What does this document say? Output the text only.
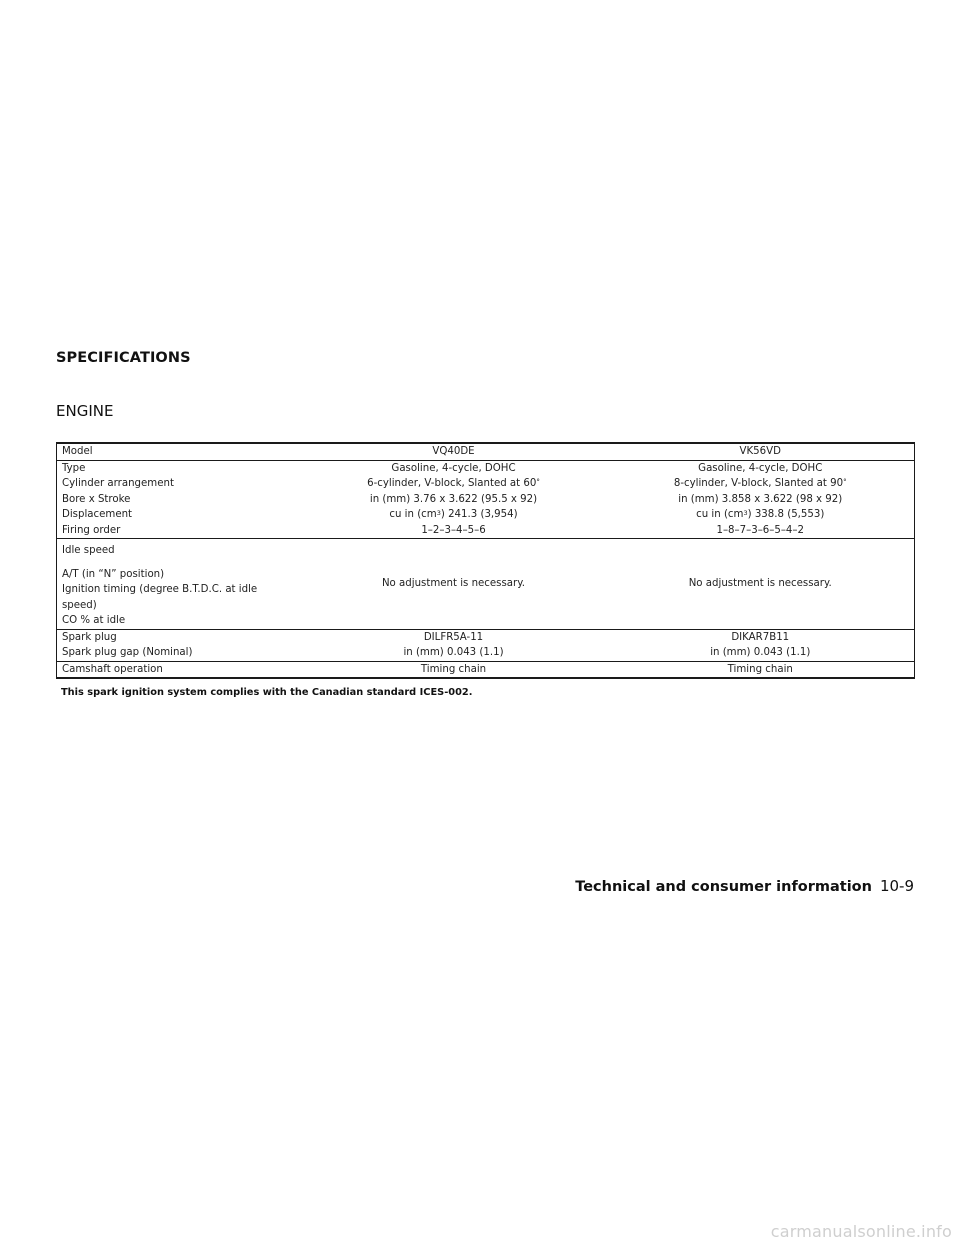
SPECIFICATIONS
ENGINE
Model	VQ40DE	VK56VD
Type	Gasoline, 4-cycle, DOHC	Gasoline, 4-cycle, DOHC
Cylinder arrangement	6-cylinder, V-block, Slanted at 60°	8-cylinder, V-block, Slanted at 90°
Bore x Stroke	in (mm) 3.76 x 3.622 (95.5 x 92)	in (mm) 3.858 x 3.622 (98 x 92)
Displacement	cu in $(cm^3)$ 241.3 (3,954)	cu in $(cm^3)$ 338.8 (5,553)
Firing order	1–2–3–4–5–6	1–8–7–3–6–5–4–2
Idle speed	No adjustment is necessary.	No adjustment is necessary.
A/T (in “N” position)		
Ignition timing (degree B.T.D.C. at idle speed)		
CO % at idle		
Spark plug	DILFR5A-11	DIKAR7B11
Spark plug gap (Nominal)	in (mm) 0.043 (1.1)	in (mm) 0.043 (1.1)
Camshaft operation	Timing chain	Timing chain
This spark ignition system complies with the Canadian standard ICES-002.
Technical and consumer information 10-9
carmanualsonline.info
